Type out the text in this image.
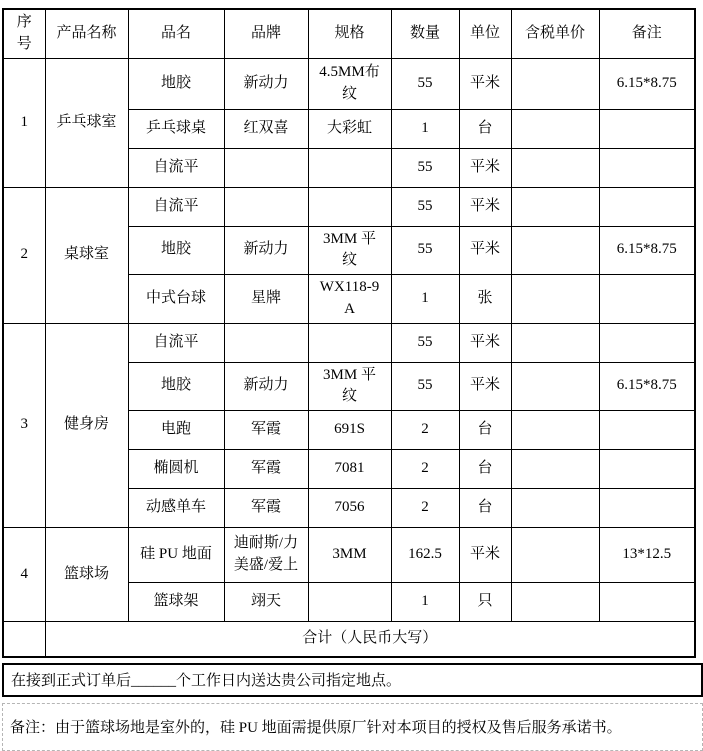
序号	产品名称	品名	品牌	规格	数量	单位	含税单价	备注
1	乒乓球室	地胶	新动力	4.5MM布纹	55	平米		6.15*8.75
		乒乓球桌	红双喜	大彩虹	1	台		
		自流平			55	平米		
2	桌球室	自流平			55	平米		
		地胶	新动力	3MM 平纹	55	平米		6.15*8.75
		中式台球	星牌	WX118-9A	1	张		
3	健身房	自流平			55	平米		
		地胶	新动力	3MM 平纹	55	平米		6.15*8.75
		电跑	军霞	691S	2	台		
		椭圆机	军霞	7081	2	台		
		动感单车	军霞	7056	2	台		
4	篮球场	硅 PU 地面	迪耐斯/力美盛/爱上	3MM	162.5	平米		13*12.5
		篮球架	翊天		1	只		
	合计（人民币大写）							
在接到正式订单后______个工作日内送达贵公司指定地点。
备注：由于篮球场地是室外的，硅 PU 地面需提供原厂针对本项目的授权及售后服务承诺书。
